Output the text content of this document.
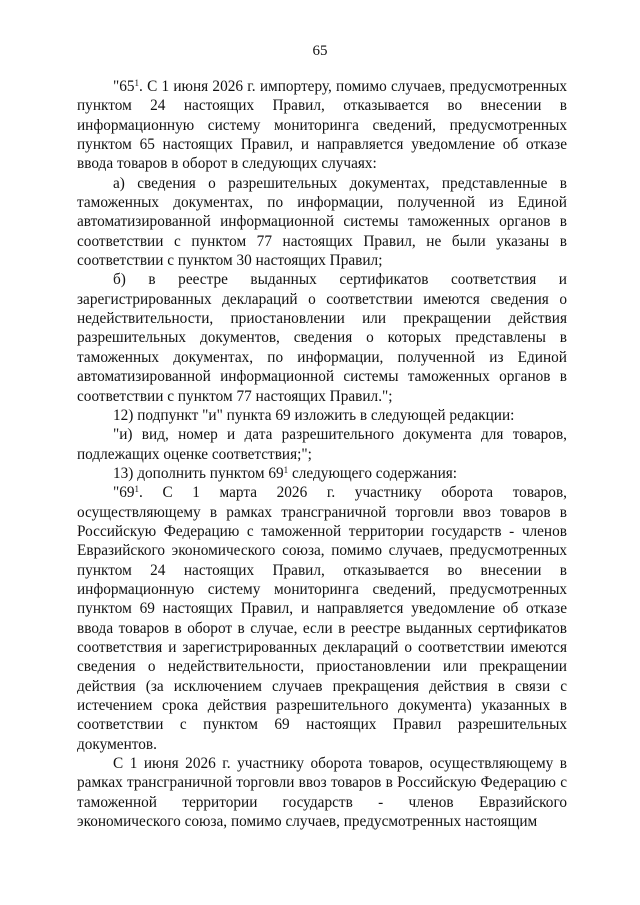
65

"$65^1$. С 1 июня 2026 г. импортеру, помимо случаев, предусмотренных пунктом 24 настоящих Правил, отказывается во внесении в информационную систему мониторинга сведений, предусмотренных пунктом 65 настоящих Правил, и направляется уведомление об отказе ввода товаров в оборот в следующих случаях:

а) сведения о разрешительных документах, представленные в таможенных документах, по информации, полученной из Единой автоматизированной информационной системы таможенных органов в соответствии с пунктом 77 настоящих Правил, не были указаны в соответствии с пунктом 30 настоящих Правил;

б) в реестре выданных сертификатов соответствия и зарегистрированных деклараций о соответствии имеются сведения о недействительности, приостановлении или прекращении действия разрешительных документов, сведения о которых представлены в таможенных документах, по информации, полученной из Единой автоматизированной информационной системы таможенных органов в соответствии с пунктом 77 настоящих Правил.";

12) подпункт "и" пункта 69 изложить в следующей редакции:

"и) вид, номер и дата разрешительного документа для товаров, подлежащих оценке соответствия;";

13) дополнить пунктом $69^1$ следующего содержания:

"$69^1$. С 1 марта 2026 г. участнику оборота товаров, осуществляющему в рамках трансграничной торговли ввоз товаров в Российскую Федерацию с таможенной территории государств - членов Евразийского экономического союза, помимо случаев, предусмотренных пунктом 24 настоящих Правил, отказывается во внесении в информационную систему мониторинга сведений, предусмотренных пунктом 69 настоящих Правил, и направляется уведомление об отказе ввода товаров в оборот в случае, если в реестре выданных сертификатов соответствия и зарегистрированных деклараций о соответствии имеются сведения о недействительности, приостановлении или прекращении действия (за исключением случаев прекращения действия в связи с истечением срока действия разрешительного документа) указанных в соответствии с пунктом 69 настоящих Правил разрешительных документов.

С 1 июня 2026 г. участнику оборота товаров, осуществляющему в рамках трансграничной торговли ввоз товаров в Российскую Федерацию с таможенной территории государств - членов Евразийского экономического союза, помимо случаев, предусмотренных настоящим
